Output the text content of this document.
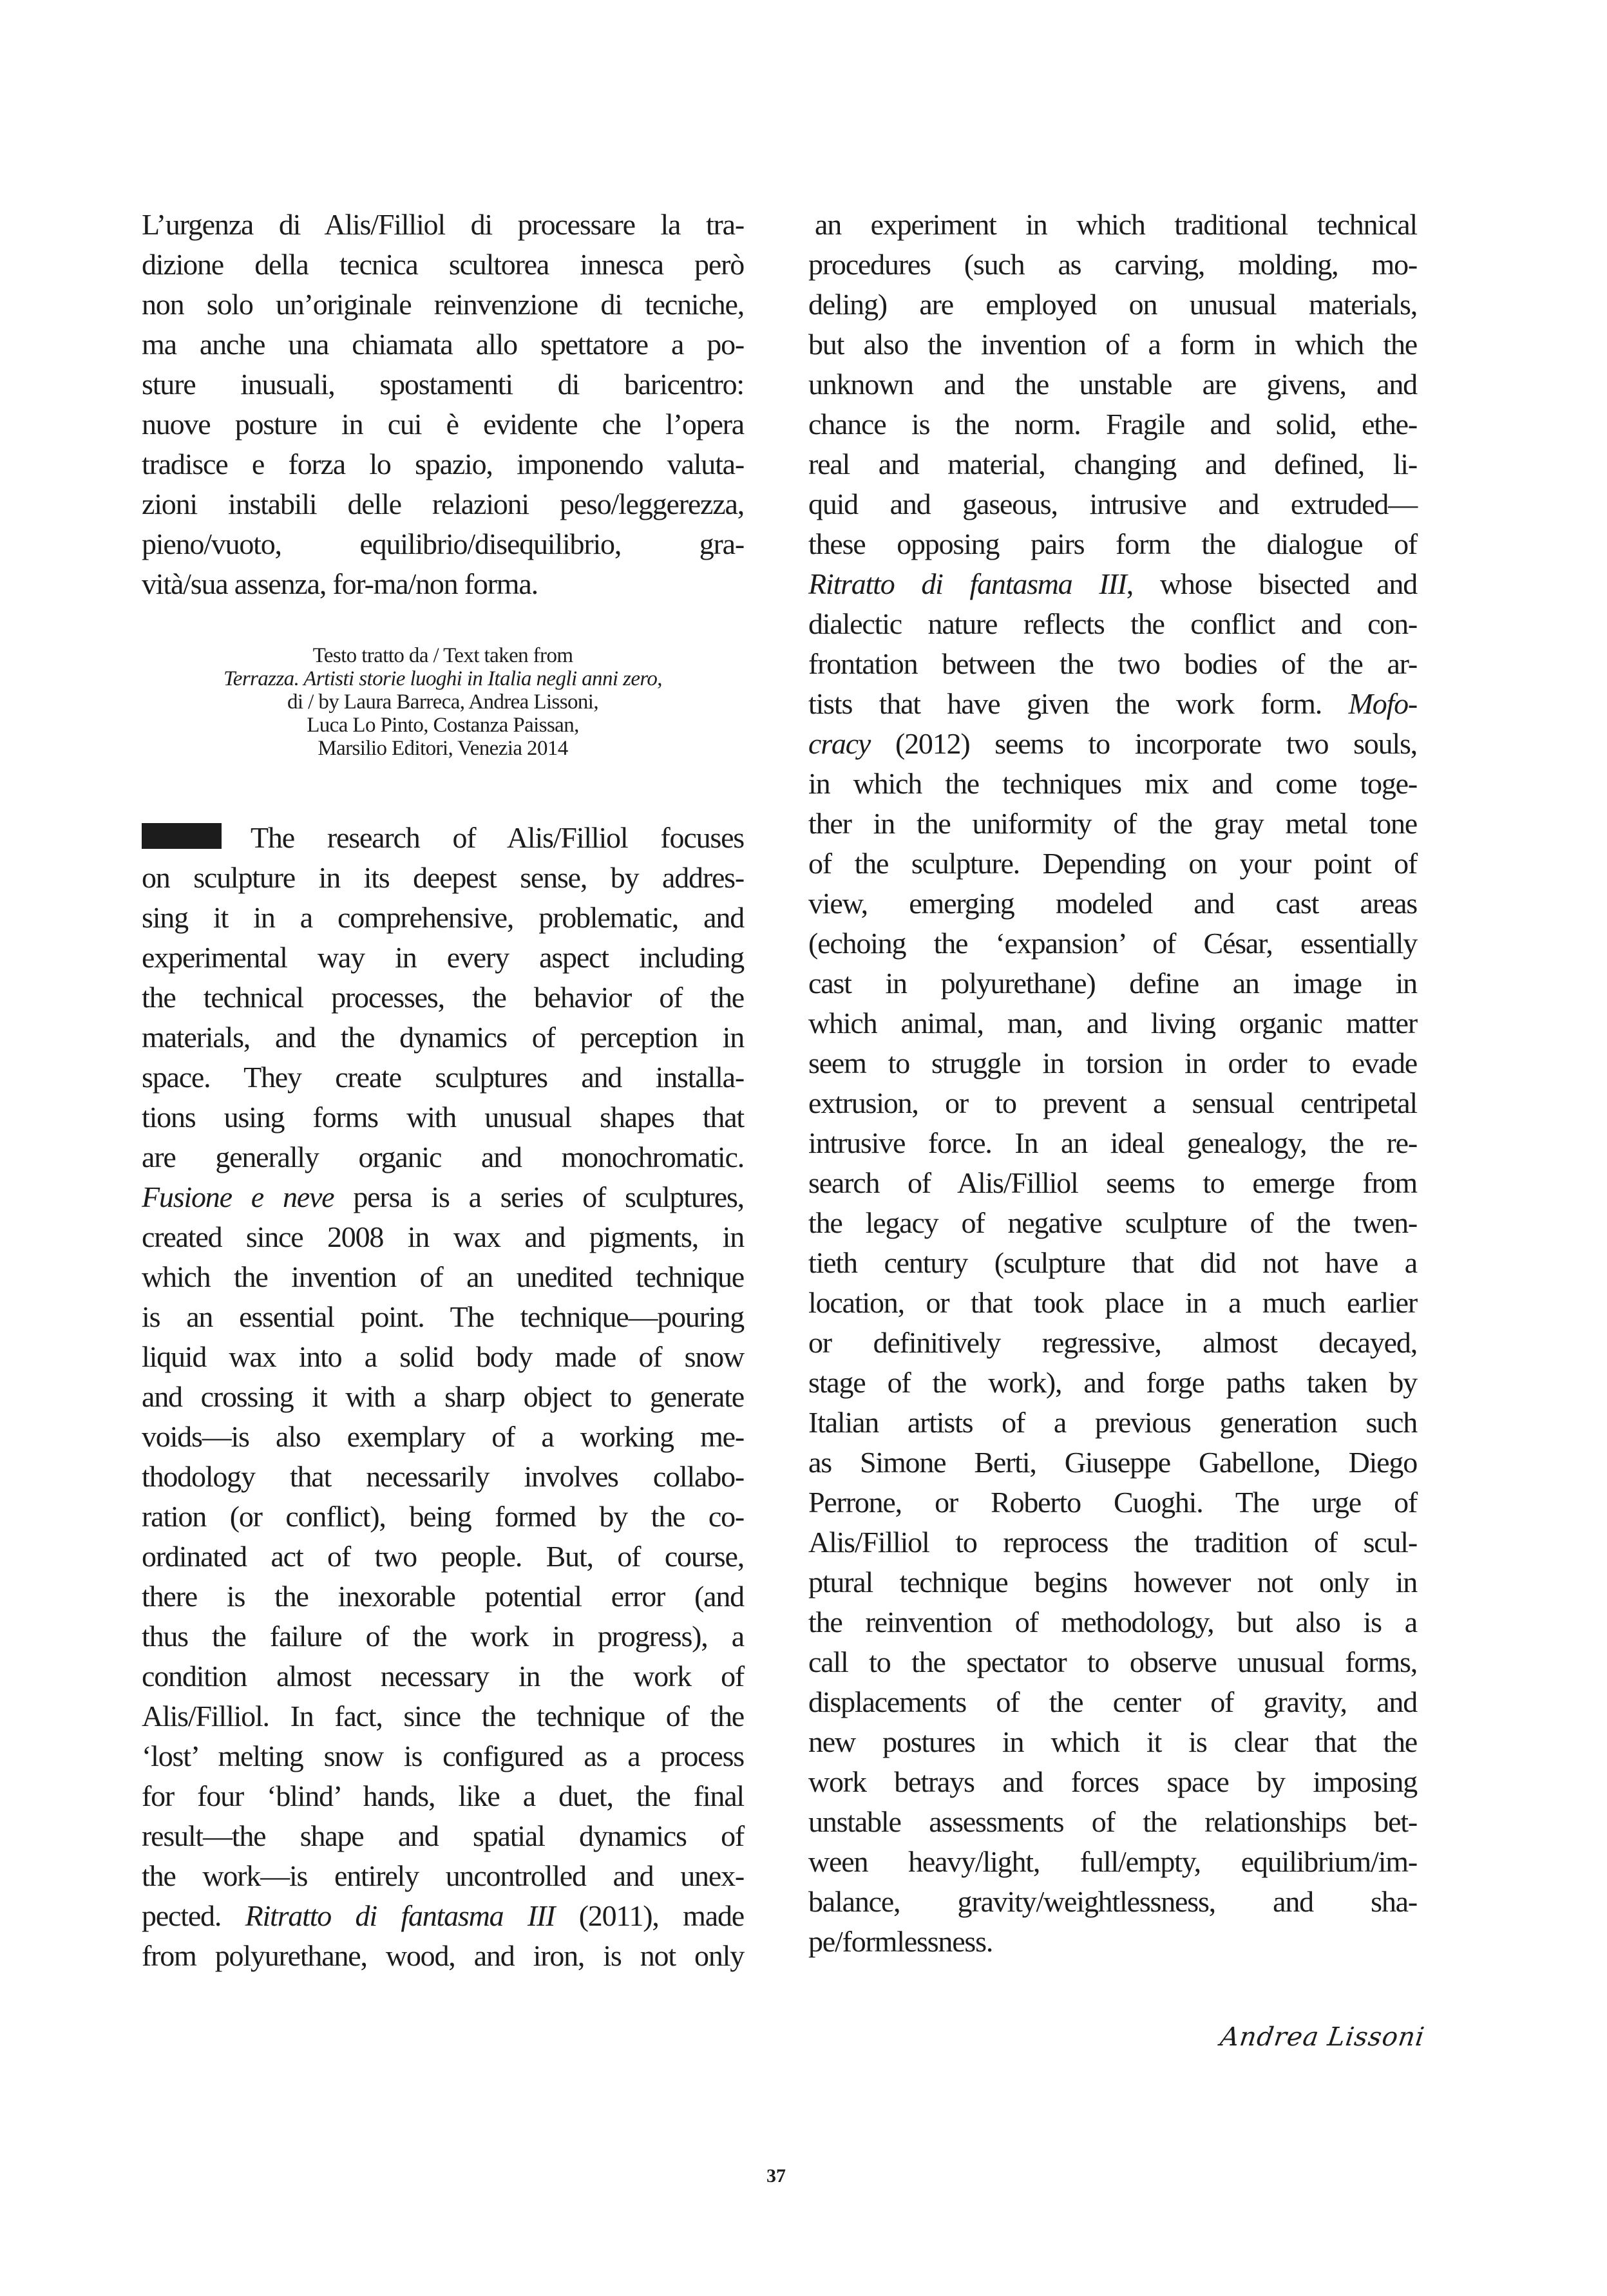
L’urgenza di Alis/Filliol di processare la tra-
dizione della tecnica scultorea innesca però
non solo un’originale reinvenzione di tecniche,
ma anche una chiamata allo spettatore a po-
sture inusuali, spostamenti di baricentro:
nuove posture in cui è evidente che l’opera
tradisce e forza lo spazio, imponendo valuta-
zioni instabili delle relazioni peso/leggerezza,
pieno/vuoto, equilibrio/disequilibrio, gra-
vità/sua assenza, for-ma/non forma.
Testo tratto da / Text taken from
Terrazza. Artisti storie luoghi in Italia negli anni zero,
di / by Laura Barreca, Andrea Lissoni,
Luca Lo Pinto, Costanza Paissan,
Marsilio Editori, Venezia 2014
The research of Alis/Filliol focuses
on sculpture in its deepest sense, by addres-
sing it in a comprehensive, problematic, and
experimental way in every aspect including
the technical processes, the behavior of the
materials, and the dynamics of perception in
space. They create sculptures and installa-
tions using forms with unusual shapes that
are generally organic and monochromatic.
Fusione e neve persa is a series of sculptures,
created since 2008 in wax and pigments, in
which the invention of an unedited technique
is an essential point. The technique—pouring
liquid wax into a solid body made of snow
and crossing it with a sharp object to generate
voids—is also exemplary of a working me-
thodology that necessarily involves collabo-
ration (or conflict), being formed by the co-
ordinated act of two people. But, of course,
there is the inexorable potential error (and
thus the failure of the work in progress), a
condition almost necessary in the work of
Alis/Filliol. In fact, since the technique of the
‘lost’ melting snow is configured as a process
for four ‘blind’ hands, like a duet, the final
result—the shape and spatial dynamics of
the work—is entirely uncontrolled and unex-
pected. Ritratto di fantasma III (2011), made
from polyurethane, wood, and iron, is not only
an experiment in which traditional technical
procedures (such as carving, molding, mo-
deling) are employed on unusual materials,
but also the invention of a form in which the
unknown and the unstable are givens, and
chance is the norm. Fragile and solid, ethe-
real and material, changing and defined, li-
quid and gaseous, intrusive and extruded—
these opposing pairs form the dialogue of
Ritratto di fantasma III, whose bisected and
dialectic nature reflects the conflict and con-
frontation between the two bodies of the ar-
tists that have given the work form. Mofo-
cracy (2012) seems to incorporate two souls,
in which the techniques mix and come toge-
ther in the uniformity of the gray metal tone
of the sculpture. Depending on your point of
view, emerging modeled and cast areas
(echoing the ‘expansion’ of César, essentially
cast in polyurethane) define an image in
which animal, man, and living organic matter
seem to struggle in torsion in order to evade
extrusion, or to prevent a sensual centripetal
intrusive force. In an ideal genealogy, the re-
search of Alis/Filliol seems to emerge from
the legacy of negative sculpture of the twen-
tieth century (sculpture that did not have a
location, or that took place in a much earlier
or definitively regressive, almost decayed,
stage of the work), and forge paths taken by
Italian artists of a previous generation such
as Simone Berti, Giuseppe Gabellone, Diego
Perrone, or Roberto Cuoghi. The urge of
Alis/Filliol to reprocess the tradition of scul-
ptural technique begins however not only in
the reinvention of methodology, but also is a
call to the spectator to observe unusual forms,
displacements of the center of gravity, and
new postures in which it is clear that the
work betrays and forces space by imposing
unstable assessments of the relationships bet-
ween heavy/light, full/empty, equilibrium/im-
balance, gravity/weightlessness, and sha-
pe/formlessness.
Andrea Lissoni
37
